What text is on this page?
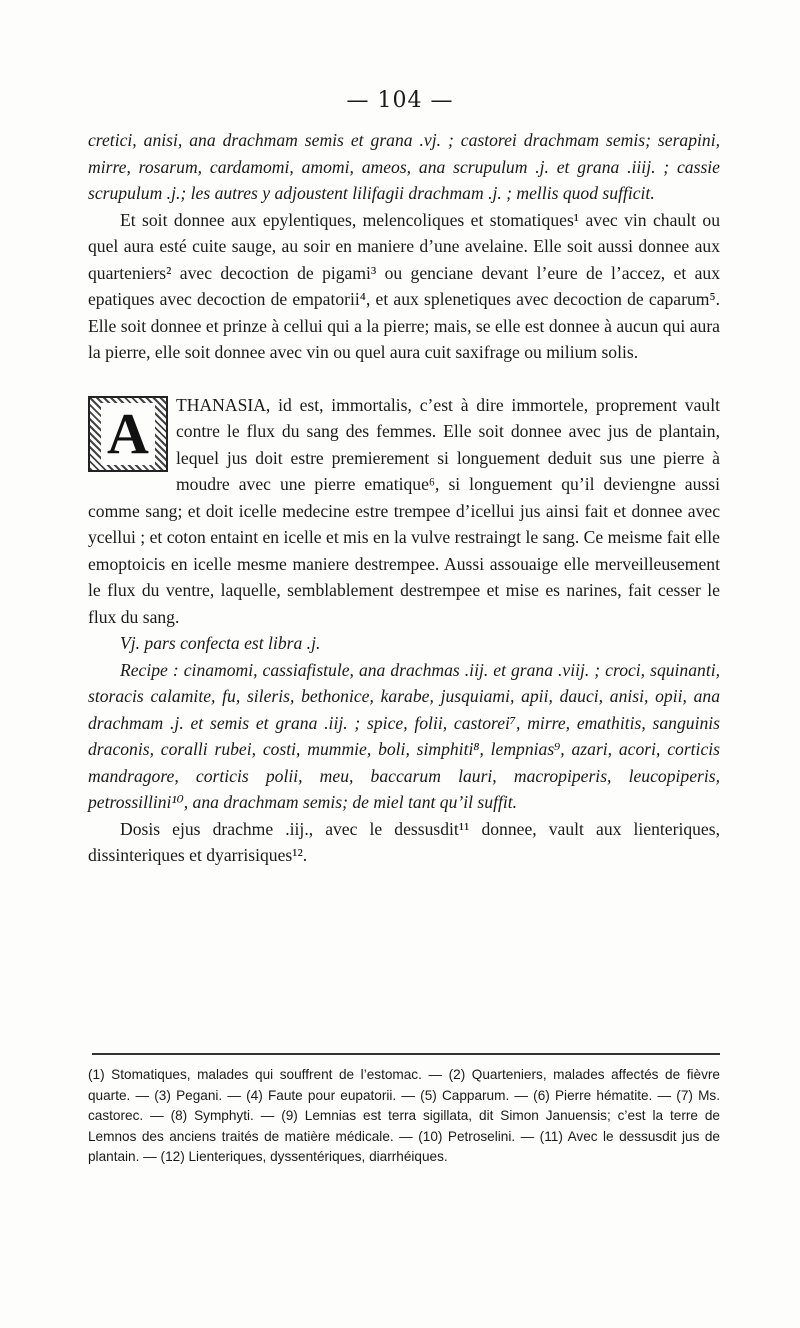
— 104 —

cretici, anisi, ana drachmam semis et grana .vj. ; castorei drachmam semis; serapini, mirre, rosarum, cardamomi, amomi, ameos, ana scrupulum .j. et grana .iiij. ; cassie scrupulum .j.; les autres y adjoustent lilifagii drachmam .j. ; mellis quod sufficit.

Et soit donnee aux epylentiques, melencoliques et stomatiques¹ avec vin chault ou quel aura esté cuite sauge, au soir en maniere d’une avelaine. Elle soit aussi donnee aux quarteniers² avec decoction de pigami³ ou genciane devant l’eure de l’accez, et aux epatiques avec decoction de empatorii⁴, et aux splenetiques avec decoction de caparum⁵. Elle soit donnee et prinze à cellui qui a la pierre; mais, se elle est donnee à aucun qui aura la pierre, elle soit donnee avec vin ou quel aura cuit saxifrage ou milium solis.

A	THANASIA, id est, immortalis, c’est à dire immortele, proprement vault contre le flux du sang des femmes. Elle soit donnee avec jus de plantain, lequel jus doit estre premierement si longuement deduit sus une pierre à moudre avec une pierre ematique⁶, si longuement qu’il deviengne aussi comme sang; et doit icelle medecine estre trempee d’icellui jus ainsi fait et donnee avec ycellui ; et coton entaint en icelle et mis en la vulve restraingt le sang. Ce meisme fait elle emoptoicis en icelle mesme maniere destrempee. Aussi assouaige elle merveilleusement le flux du ventre, laquelle, semblablement destrempee et mise es narines, fait cesser le flux du sang.

Vj. pars confecta est libra .j.

Recipe : cinamomi, cassiafistule, ana drachmas .iij. et grana .viij. ; croci, squinanti, storacis calamite, fu, sileris, bethonice, karabe, jusquiami, apii, dauci, anisi, opii, ana drachmam .j. et semis et grana .iij. ; spice, folii, castorei⁷, mirre, emathitis, sanguinis draconis, coralli rubei, costi, mummie, boli, simphiti⁸, lempnias⁹, azari, acori, corticis mandragore, corticis polii, meu, baccarum lauri, macropiperis, leucopiperis, petrossillini¹⁰, ana drachmam semis; de miel tant qu’il suffit.

Dosis ejus drachme .iij., avec le dessusdit¹¹ donnee, vault aux lienteriques, dissinteriques et dyarrisiques¹².

(1) Stomatiques, malades qui souffrent de l’estomac. — (2) Quarteniers, malades affectés de fièvre quarte. — (3) Pegani. — (4) Faute pour eupatorii. — (5) Capparum. — (6) Pierre hématite. — (7) Ms. castorec. — (8) Symphyti. — (9) Lemnias est terra sigillata, dit Simon Januensis; c’est la terre de Lemnos des anciens traités de matière médicale. — (10) Petroselini. — (11) Avec le dessusdit jus de plantain. — (12) Lienteriques, dyssentériques, diarrhéiques.
